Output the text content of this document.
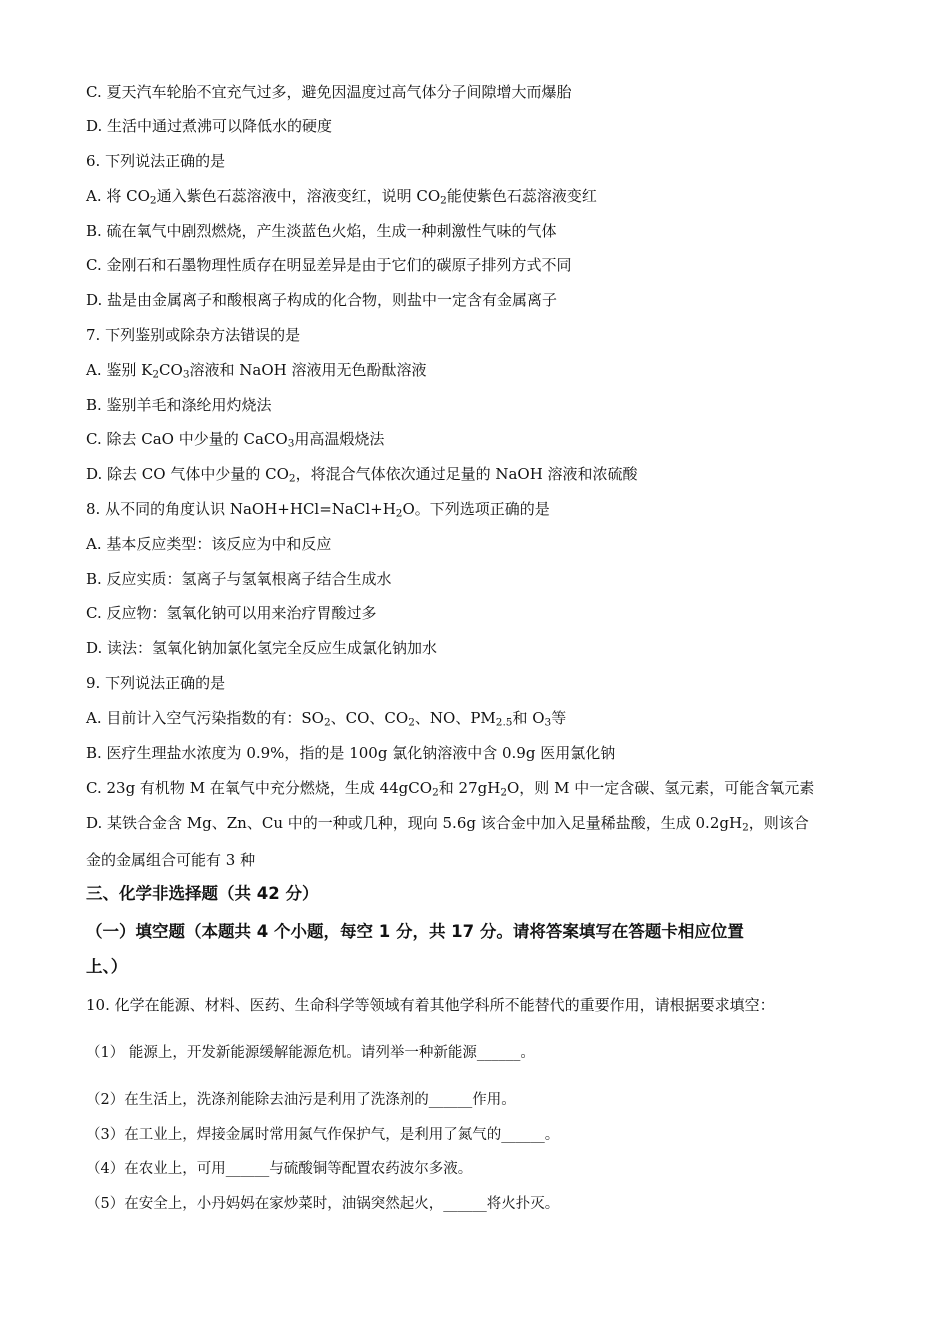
C. 夏天汽车轮胎不宜充气过多，避免因温度过高气体分子间隙增大而爆胎
D. 生活中通过煮沸可以降低水的硬度
6. 下列说法正确的是
A. 将 $CO_2$通入紫色石蕊溶液中，溶液变红，说明 $CO_2$能使紫色石蕊溶液变红
B. 硫在氧气中剧烈燃烧，产生淡蓝色火焰，生成一种刺激性气味的气体
C. 金刚石和石墨物理性质存在明显差异是由于它们的碳原子排列方式不同
D. 盐是由金属离子和酸根离子构成的化合物，则盐中一定含有金属离子
7. 下列鉴别或除杂方法错误的是
A. 鉴别 $K_2CO_3$溶液和 NaOH 溶液用无色酚酞溶液
B. 鉴别羊毛和涤纶用灼烧法
C. 除去 CaO 中少量的 CaCO$_3$用高温煅烧法
D. 除去 CO 气体中少量的 $CO_2$，将混合气体依次通过足量的 NaOH 溶液和浓硫酸
8. 从不同的角度认识 $NaOH+HCl=NaCl+H_2O$。下列选项正确的是
A. 基本反应类型：该反应为中和反应
B. 反应实质：氢离子与氢氧根离子结合生成水
C. 反应物：氢氧化钠可以用来治疗胃酸过多
D. 读法：氢氧化钠加氯化氢完全反应生成氯化钠加水
9. 下列说法正确的是
A. 目前计入空气污染指数的有：$SO_2$、CO、$CO_2$、NO、$PM_{2.5}$和 $O_3$等
B. 医疗生理盐水浓度为 0.9%，指的是 100g 氯化钠溶液中含 0.9g 医用氯化钠
C. 23g 有机物 M 在氧气中充分燃烧，生成 44gCO$_2$和 $27gH_2O$，则 M 中一定含碳、氢元素，可能含氧元素
D. 某铁合金含 Mg、Zn、Cu 中的一种或几种，现向 5.6g 该合金中加入足量稀盐酸，生成 $0.2gH_2$，则该合
金的金属组合可能有 3 种
三、化学非选择题（共 42 分）
（一）填空题（本题共 4 个小题，每空 1 分，共 17 分。请将答案填写在答题卡相应位置
上、）
10. 化学在能源、材料、医药、生命科学等领域有着其他学科所不能替代的重要作用，请根据要求填空：
（1） 能源上，开发新能源缓解能源危机。请列举一种新能源______。
（2）在生活上，洗涤剂能除去油污是利用了洗涤剂的______作用。
（3）在工业上，焊接金属时常用氮气作保护气，是利用了氮气的______。
（4）在农业上，可用______与硫酸铜等配置农药波尔多液。
（5）在安全上，小丹妈妈在家炒菜时，油锅突然起火，______将火扑灭。
